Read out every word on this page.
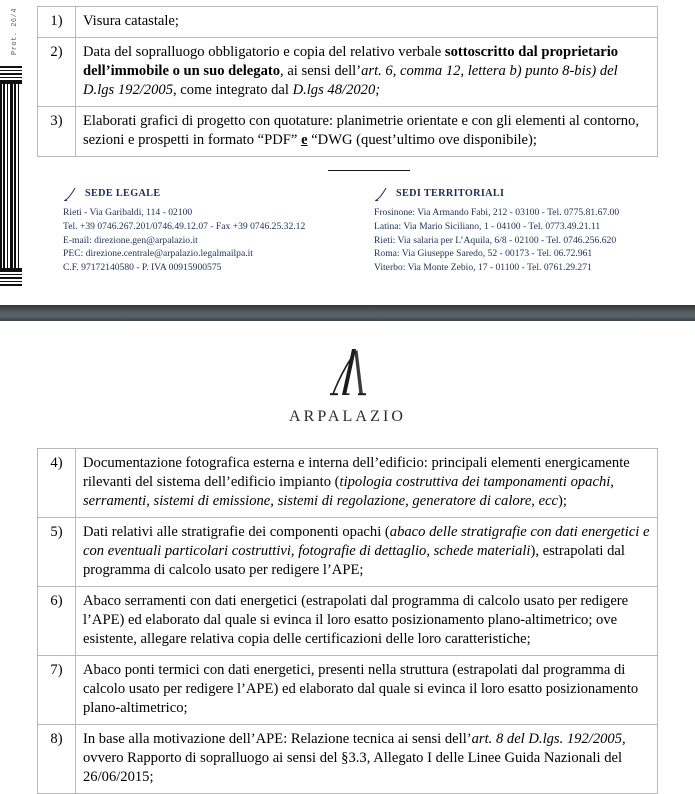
1)	Visura catastale;

2)	Data del sopralluogo obbligatorio e copia del relativo verbale sottoscritto dal proprietario dell’immobile o un suo delegato, ai sensi dell’art. 6, comma 12, lettera b) punto 8-bis) del D.lgs 192/2005, come integrato dal D.lgs 48/2020;

3)	Elaborati grafici di progetto con quotature: planimetrie orientate e con gli elementi al contorno, sezioni e prospetti in formato “PDF” e “DWG (quest’ultimo ove disponibile);

SEDE LEGALE

Rieti - Via Garibaldi, 114 - 02100

Tel. +39 0746.267.201/0746.49.12.07 - Fax +39 0746.25.32.12

E-mail: direzione.gen@arpalazio.it

PEC: direzione.centrale@arpalazio.legalmailpa.it

C.F. 97172140580 - P. IVA 00915900575

SEDI TERRITORIALI

Frosinone: Via Armando Fabi, 212 - 03100 - Tel. 0775.81.67.00

Latina: Via Mario Siciliano, 1 - 04100 - Tel. 0773.49.21.11

Rieti: Via salaria per L’Aquila, 6/8 - 02100 - Tel. 0746.256.620

Roma: Via Giuseppe Saredo, 52 - 00173 - Tel. 06.72.961

Viterbo: Via Monte Zebio, 17 - 01100 - Tel. 0761.29.271

ARPALAZIO
4)	Documentazione fotografica esterna e interna dell’edificio: principali elementi energicamente rilevanti del sistema dell’edificio impianto (tipologia costruttiva dei tamponamenti opachi, serramenti, sistemi di emissione, sistemi di regolazione, generatore di calore, ecc);

5)	Dati relativi alle stratigrafie dei componenti opachi (abaco delle stratigrafie con dati energetici e con eventuali particolari costruttivi, fotografie di dettaglio, schede materiali), estrapolati dal programma di calcolo usato per redigere l’APE;

6)	Abaco serramenti con dati energetici (estrapolati dal programma di calcolo usato per redigere l’APE) ed elaborato dal quale si evinca il loro esatto posizionamento plano-altimetrico; ove esistente, allegare relativa copia delle certificazioni delle loro caratteristiche;

7)	Abaco ponti termici con dati energetici, presenti nella struttura (estrapolati dal programma di calcolo usato per redigere l’APE) ed elaborato dal quale si evinca il loro esatto posizionamento plano-altimetrico;

8)	In base alla motivazione dell’APE: Relazione tecnica ai sensi dell’art. 8 del D.lgs. 192/2005, ovvero Rapporto di sopralluogo ai sensi del §3.3, Allegato I delle Linee Guida Nazionali del 26/06/2015;

Prot. 26/4
